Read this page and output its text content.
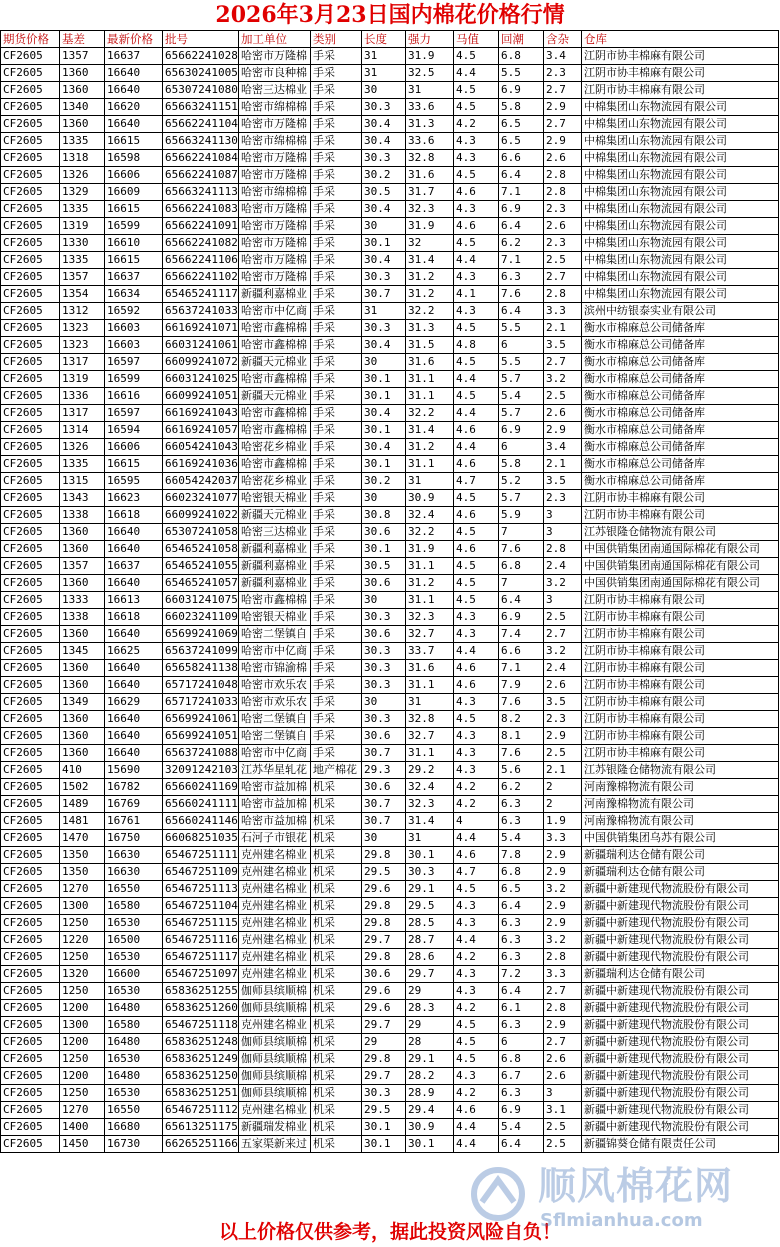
2026年3月23日国内棉花价格行情
期货价格	基差	最新价格	批号	加工单位	类别	长度	强力	马值	回潮	含杂	仓库
CF2605	1357	16637	65662241028	哈密市万隆棉	手采	31	31.9	4.5	6.8	3.4	江阴市协丰棉麻有限公司
CF2605	1360	16640	65630241005	哈密市良种棉	手采	31	32.5	4.4	5.5	2.3	江阴市协丰棉麻有限公司
CF2605	1360	16640	65307241080	哈密三达棉业	手采	30	31	4.5	6.9	2.7	江阴市协丰棉麻有限公司
CF2605	1340	16620	65663241151	哈密市绵棉棉	手采	30.3	33.6	4.5	5.8	2.9	中棉集团山东物流园有限公司
CF2605	1360	16640	65662241104	哈密市万隆棉	手采	30.4	31.3	4.2	6.5	2.7	中棉集团山东物流园有限公司
CF2605	1335	16615	65663241130	哈密市绵棉棉	手采	30.4	33.6	4.3	6.5	2.9	中棉集团山东物流园有限公司
CF2605	1318	16598	65662241084	哈密市万隆棉	手采	30.3	32.8	4.3	6.6	2.6	中棉集团山东物流园有限公司
CF2605	1326	16606	65662241087	哈密市万隆棉	手采	30.2	31.6	4.5	6.4	2.8	中棉集团山东物流园有限公司
CF2605	1329	16609	65663241113	哈密市绵棉棉	手采	30.5	31.7	4.6	7.1	2.8	中棉集团山东物流园有限公司
CF2605	1335	16615	65662241083	哈密市万隆棉	手采	30.4	32.3	4.3	6.9	2.3	中棉集团山东物流园有限公司
CF2605	1319	16599	65662241091	哈密市万隆棉	手采	30	31.9	4.6	6.4	2.6	中棉集团山东物流园有限公司
CF2605	1330	16610	65662241082	哈密市万隆棉	手采	30.1	32	4.5	6.2	2.3	中棉集团山东物流园有限公司
CF2605	1335	16615	65662241106	哈密市万隆棉	手采	30.4	31.4	4.4	7.1	2.5	中棉集团山东物流园有限公司
CF2605	1357	16637	65662241102	哈密市万隆棉	手采	30.3	31.2	4.3	6.3	2.7	中棉集团山东物流园有限公司
CF2605	1354	16634	65465241117	新疆利嘉棉业	手采	30.7	31.2	4.1	7.6	2.8	中棉集团山东物流园有限公司
CF2605	1312	16592	65637241033	哈密市中亿商	手采	31	32.2	4.3	6.4	3.3	滨州中纺银泰实业有限公司
CF2605	1323	16603	66169241071	哈密市鑫棉棉	手采	30.3	31.3	4.5	5.5	2.1	衡水市棉麻总公司储备库
CF2605	1323	16603	66031241061	哈密市鑫棉棉	手采	30.4	31.5	4.8	6	3.5	衡水市棉麻总公司储备库
CF2605	1317	16597	66099241072	新疆天元棉业	手采	30	31.6	4.5	5.5	2.7	衡水市棉麻总公司储备库
CF2605	1319	16599	66031241025	哈密市鑫棉棉	手采	30.1	31.1	4.4	5.7	3.2	衡水市棉麻总公司储备库
CF2605	1336	16616	66099241051	新疆天元棉业	手采	30.1	31.1	4.5	5.4	2.5	衡水市棉麻总公司储备库
CF2605	1317	16597	66169241043	哈密市鑫棉棉	手采	30.4	32.2	4.4	5.7	2.6	衡水市棉麻总公司储备库
CF2605	1314	16594	66169241057	哈密市鑫棉棉	手采	30.1	31.4	4.6	6.9	2.9	衡水市棉麻总公司储备库
CF2605	1326	16606	66054241043	哈密花乡棉业	手采	30.4	31.2	4.4	6	3.4	衡水市棉麻总公司储备库
CF2605	1335	16615	66169241036	哈密市鑫棉棉	手采	30.1	31.1	4.6	5.8	2.1	衡水市棉麻总公司储备库
CF2605	1315	16595	66054242037	哈密花乡棉业	手采	30.2	31	4.7	5.2	3.5	衡水市棉麻总公司储备库
CF2605	1343	16623	66023241077	哈密银天棉业	手采	30	30.9	4.5	5.7	2.3	江阴市协丰棉麻有限公司
CF2605	1338	16618	66099241022	新疆天元棉业	手采	30.8	32.4	4.6	5.9	3	江阴市协丰棉麻有限公司
CF2605	1360	16640	65307241058	哈密三达棉业	手采	30.6	32.2	4.5	7	3	江苏银隆仓储物流有限公司
CF2605	1360	16640	65465241058	新疆利嘉棉业	手采	30.1	31.9	4.6	7.6	2.8	中国供销集团南通国际棉花有限公司
CF2605	1357	16637	65465241055	新疆利嘉棉业	手采	30.5	31.1	4.5	6.8	2.4	中国供销集团南通国际棉花有限公司
CF2605	1360	16640	65465241057	新疆利嘉棉业	手采	30.6	31.2	4.5	7	3.2	中国供销集团南通国际棉花有限公司
CF2605	1333	16613	66031241075	哈密市鑫棉棉	手采	30	31.1	4.5	6.4	3	江阴市协丰棉麻有限公司
CF2605	1338	16618	66023241109	哈密银天棉业	手采	30.3	32.3	4.3	6.9	2.5	江阴市协丰棉麻有限公司
CF2605	1360	16640	65699241069	哈密二堡镇自	手采	30.6	32.7	4.3	7.4	2.7	江阴市协丰棉麻有限公司
CF2605	1345	16625	65637241099	哈密市中亿商	手采	30.3	33.7	4.4	6.6	3.2	江阴市协丰棉麻有限公司
CF2605	1360	16640	65658241138	哈密市锦渝棉	手采	30.3	31.6	4.6	7.1	2.4	江阴市协丰棉麻有限公司
CF2605	1360	16640	65717241048	哈密市欢乐农	手采	30.3	31.1	4.6	7.9	2.6	江阴市协丰棉麻有限公司
CF2605	1349	16629	65717241033	哈密市欢乐农	手采	30	31	4.3	7.6	3.5	江阴市协丰棉麻有限公司
CF2605	1360	16640	65699241061	哈密二堡镇自	手采	30.3	32.8	4.5	8.2	2.3	江阴市协丰棉麻有限公司
CF2605	1360	16640	65699241051	哈密二堡镇自	手采	30.6	32.7	4.3	8.1	2.9	江阴市协丰棉麻有限公司
CF2605	1360	16640	65637241088	哈密市中亿商	手采	30.7	31.1	4.3	7.6	2.5	江阴市协丰棉麻有限公司
CF2605	410	15690	32091242103	江苏华星轧花	地产棉花	29.3	29.2	4.3	5.6	2.1	江苏银隆仓储物流有限公司
CF2605	1502	16782	65660241169	哈密市益加棉	机采	30.6	32.4	4.2	6.2	2	河南豫棉物流有限公司
CF2605	1489	16769	65660241111	哈密市益加棉	机采	30.7	32.3	4.2	6.3	2	河南豫棉物流有限公司
CF2605	1481	16761	65660241146	哈密市益加棉	机采	30.7	31.4	4	6.3	1.9	河南豫棉物流有限公司
CF2605	1470	16750	66068251035	石河子市银花	机采	30	31	4.4	5.4	3.3	中国供销集团乌苏有限公司
CF2605	1350	16630	65467251111	克州建名棉业	机采	29.8	30.1	4.6	7.8	2.9	新疆瑞利达仓储有限公司
CF2605	1350	16630	65467251109	克州建名棉业	机采	29.5	30.3	4.7	6.8	2.9	新疆瑞利达仓储有限公司
CF2605	1270	16550	65467251113	克州建名棉业	机采	29.6	29.1	4.5	6.5	3.2	新疆中新建现代物流股份有限公司
CF2605	1300	16580	65467251104	克州建名棉业	机采	29.8	29.5	4.3	6.4	2.9	新疆中新建现代物流股份有限公司
CF2605	1250	16530	65467251115	克州建名棉业	机采	29.8	28.5	4.3	6.3	2.9	新疆中新建现代物流股份有限公司
CF2605	1220	16500	65467251116	克州建名棉业	机采	29.7	28.7	4.4	6.3	3.2	新疆中新建现代物流股份有限公司
CF2605	1250	16530	65467251117	克州建名棉业	机采	29.8	28.6	4.2	6.3	2.8	新疆中新建现代物流股份有限公司
CF2605	1320	16600	65467251097	克州建名棉业	机采	30.6	29.7	4.3	7.2	3.3	新疆瑞利达仓储有限公司
CF2605	1250	16530	65836251255	伽师县缤顺棉	机采	29.6	29	4.3	6.4	2.7	新疆中新建现代物流股份有限公司
CF2605	1200	16480	65836251260	伽师县缤顺棉	机采	29.6	28.3	4.2	6.1	2.8	新疆中新建现代物流股份有限公司
CF2605	1300	16580	65467251118	克州建名棉业	机采	29.7	29	4.5	6.3	2.9	新疆中新建现代物流股份有限公司
CF2605	1200	16480	65836251248	伽师县缤顺棉	机采	29	28	4.5	6	2.7	新疆中新建现代物流股份有限公司
CF2605	1250	16530	65836251249	伽师县缤顺棉	机采	29.8	29.1	4.5	6.8	2.6	新疆中新建现代物流股份有限公司
CF2605	1200	16480	65836251250	伽师县缤顺棉	机采	29.7	28.2	4.3	6.7	2.6	新疆中新建现代物流股份有限公司
CF2605	1250	16530	65836251251	伽师县缤顺棉	机采	30.3	28.9	4.2	6.3	3	新疆中新建现代物流股份有限公司
CF2605	1270	16550	65467251112	克州建名棉业	机采	29.5	29.4	4.6	6.9	3.1	新疆中新建现代物流股份有限公司
CF2605	1400	16680	65613251175	新疆瑞发棉业	机采	30.1	30.9	4.4	5.4	2.5	新疆中新建现代物流股份有限公司
CF2605	1450	16730	66265251166	五家渠新来过	机采	30.1	30.1	4.4	6.4	2.5	新疆锦葵仓储有限责任公司
以上价格仅供参考，据此投资风险自负！
顺风棉花网
Sflmianhua.com
